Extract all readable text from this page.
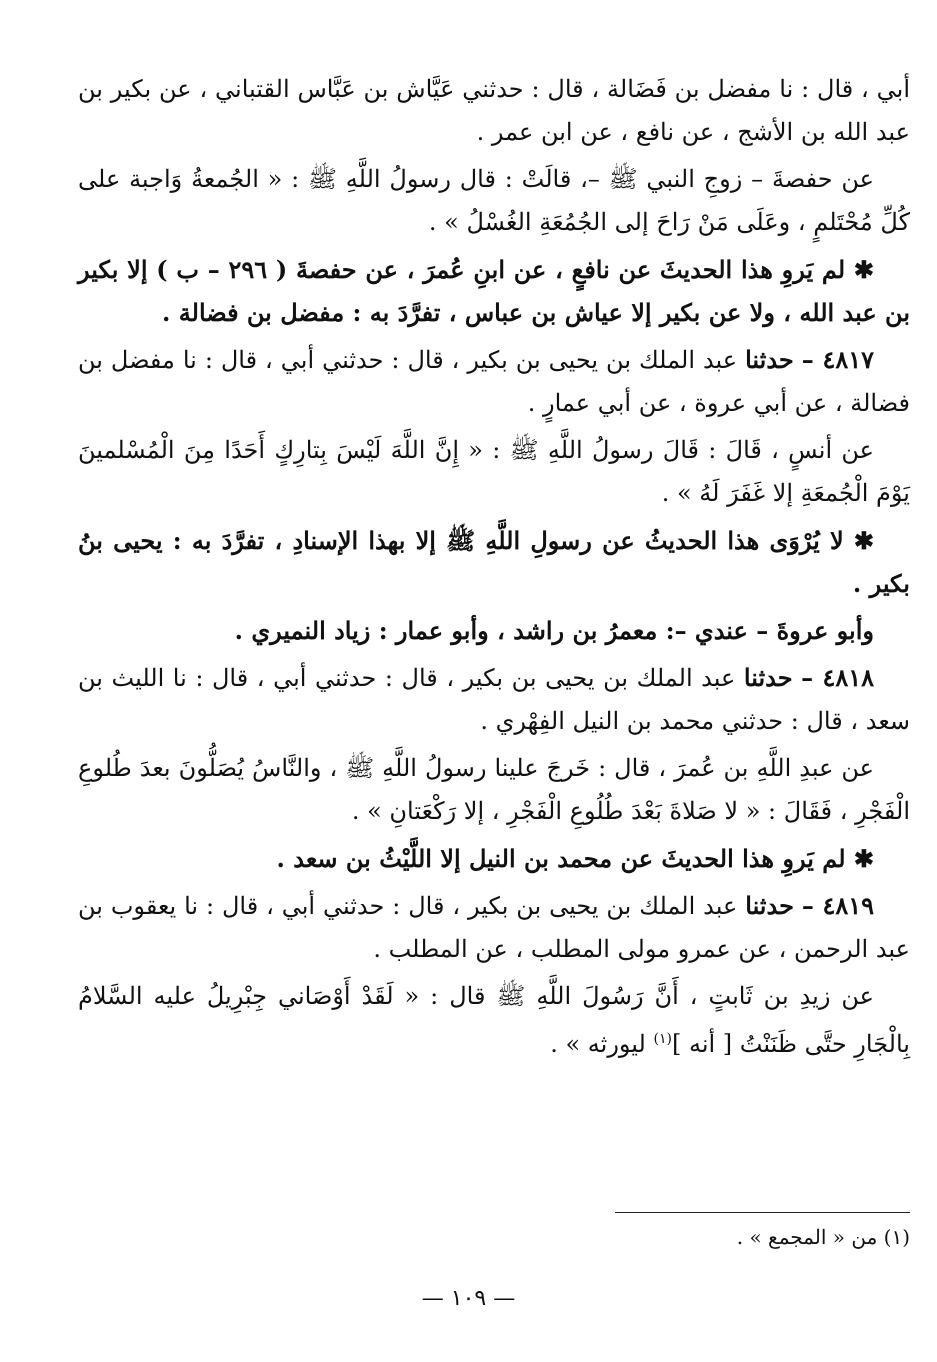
أبي ، قال : نا مفضل بن فَضَالة ، قال : حدثني عَيَّاش بن عَبَّاس القتباني ، عن بكير بن عبد الله بن الأشج ، عن نافع ، عن ابن عمر .

عن حفصةَ – زوجِ النبي ﷺ –، قالَتْ : قال رسولُ اللَّهِ ﷺ : « الجُمعةُ وَاجبة على كُلِّ مُحْتَلمٍ ، وعَلَى مَنْ رَاحَ إلى الجُمُعَةِ الغُسْلُ » .

✱ لم يَروِ هذا الحديثَ عن نافعٍ ، عن ابنِ عُمرَ ، عن حفصةَ ( ٢٩٦ – ب ) إلا بكير بن عبد الله ، ولا عن بكير إلا عياش بن عباس ، تفرَّدَ به : مفضل بن فضالة .

٤٨١٧ – حدثنا عبد الملك بن يحيى بن بكير ، قال : حدثني أبي ، قال : نا مفضل بن فضالة ، عن أبي عروة ، عن أبي عمارٍ .

عن أنسٍ ، قَالَ : قَالَ رسولُ اللَّهِ ﷺ : « إِنَّ اللَّهَ لَيْسَ بِتارِكٍ أَحَدًا مِنَ الْمُسْلمينَ يَوْمَ الْجُمعَةِ إلا غَفَرَ لَهُ » .

✱ لا يُرْوَى هذا الحديثُ عن رسولِ اللَّهِ ﷺ إلا بهذا الإسنادِ ، تفرَّدَ به : يحيى بنُ بكير .

وأبو عروةَ – عندي –: معمرُ بن راشد ، وأبو عمار : زياد النميري .

٤٨١٨ – حدثنا عبد الملك بن يحيى بن بكير ، قال : حدثني أبي ، قال : نا الليث بن سعد ، قال : حدثني محمد بن النيل الفِهْري .

عن عبدِ اللَّهِ بن عُمرَ ، قال : خَرجَ علينا رسولُ اللَّهِ ﷺ ، والنَّاسُ يُصَلُّونَ بعدَ طُلوعِ الْفَجْرِ ، فَقَالَ : « لا صَلاةَ بَعْدَ طُلُوعِ الْفَجْرِ ، إلا رَكْعَتانِ » .

✱ لم يَروِ هذا الحديثَ عن محمد بن النيل إلا اللَّيْثُ بن سعد .

٤٨١٩ – حدثنا عبد الملك بن يحيى بن بكير ، قال : حدثني أبي ، قال : نا يعقوب بن عبد الرحمن ، عن عمرو مولى المطلب ، عن المطلب .

عن زيدِ بن ثَابتٍ ، أَنَّ رَسُولَ اللَّهِ ﷺ قال : « لَقَدْ أَوْصَاني جِبْرِيلُ عليه السَّلامُ بِالْجَارِ حتَّى ظَنَنْتُ [ أنه ]$^{(١)}$ ليورثه » .

(١) من « المجمع » .
— ١٠٩ —
